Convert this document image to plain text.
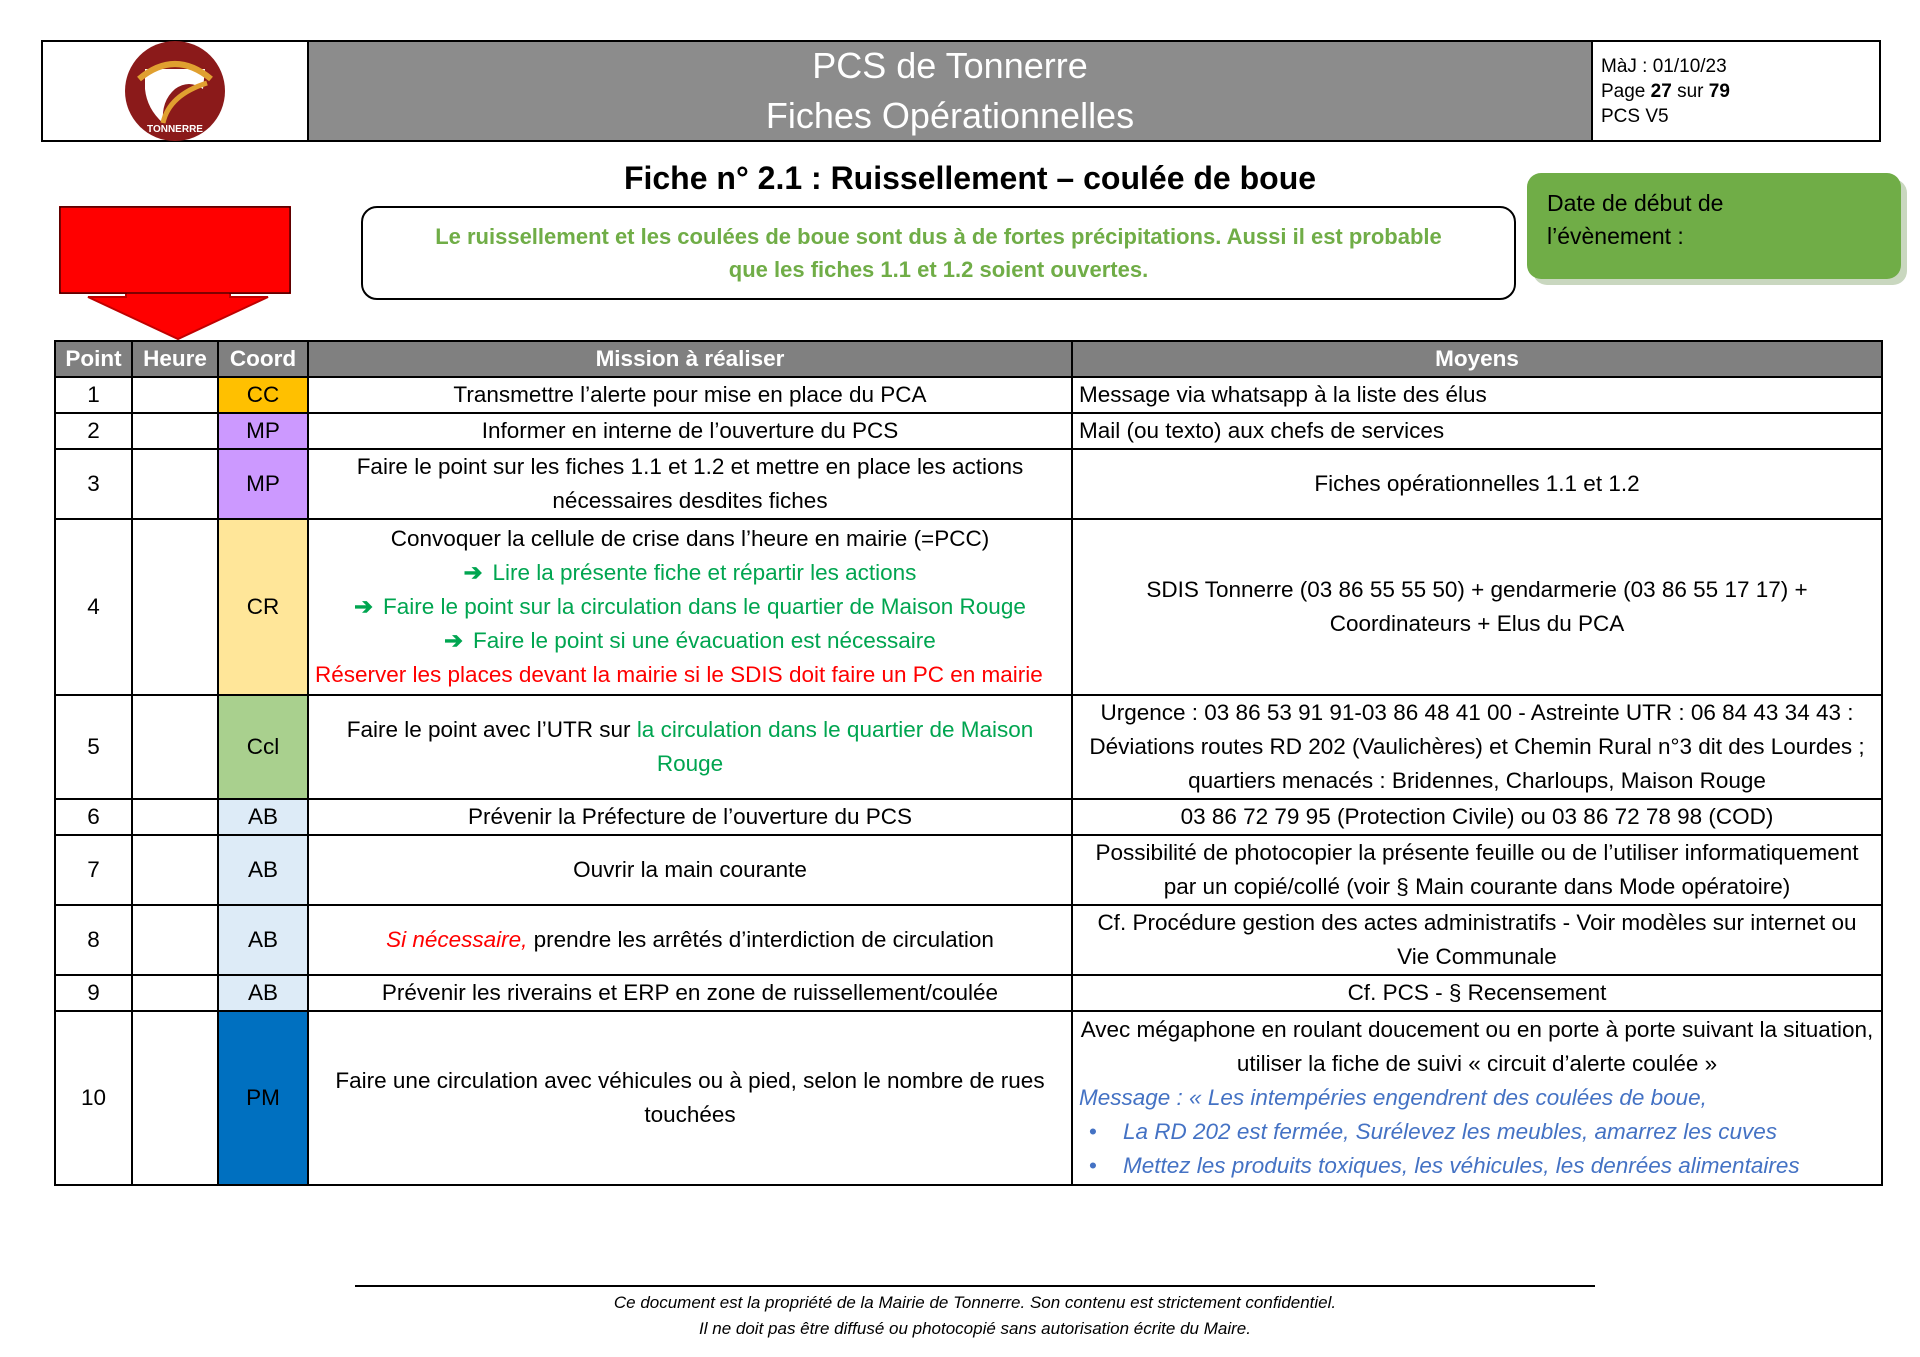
TONNERRE
PCS de Tonnerre
Fiches Opérationnelles
MàJ : 01/10/23
Page 27 sur 79
PCS V5
Fiche n° 2.1 : Ruissellement – coulée de boue
Indiquer l’heure
de l’action
Le ruissellement et les coulées de boue sont dus à de fortes précipitations. Aussi il est probable
que les fiches 1.1 et 1.2 soient ouvertes.
Date de début de
l’évènement :
Point	Heure	Coord	Mission à réaliser	Moyens
1		CC	Transmettre l’alerte pour mise en place du PCA	Message via whatsapp à la liste des élus
2		MP	Informer en interne de l’ouverture du PCS	Mail (ou texto) aux chefs de services
3		MP	Faire le point sur les fiches 1.1 et 1.2 et mettre en place les actions nécessaires desdites fiches	Fiches opérationnelles 1.1 et 1.2
4		CR	Convoquer la cellule de crise dans l’heure en mairie (=PCC)
➔ Lire la présente fiche et répartir les actions
➔ Faire le point sur la circulation dans le quartier de Maison Rouge
➔ Faire le point si une évacuation est nécessaire
Réserver les places devant la mairie si le SDIS doit faire un PC en mairie	SDIS Tonnerre (03 86 55 55 50) + gendarmerie (03 86 55 17 17) + Coordinateurs + Elus du PCA
5		Ccl	Faire le point avec l’UTR sur la circulation dans le quartier de Maison Rouge	Urgence : 03 86 53 91 91-03 86 48 41 00 - Astreinte UTR : 06 84 43 34 43 : Déviations routes RD 202 (Vaulichères) et Chemin Rural n°3 dit des Lourdes ; quartiers menacés : Bridennes, Charloups, Maison Rouge
6		AB	Prévenir la Préfecture de l’ouverture du PCS	03 86 72 79 95 (Protection Civile) ou 03 86 72 78 98 (COD)
7		AB	Ouvrir la main courante	Possibilité de photocopier la présente feuille ou de l’utiliser informatiquement par un copié/collé (voir § Main courante dans Mode opératoire)
8		AB	Si nécessaire, prendre les arrêtés d’interdiction de circulation	Cf. Procédure gestion des actes administratifs - Voir modèles sur internet ou Vie Communale
9		AB	Prévenir les riverains et ERP en zone de ruissellement/coulée	Cf. PCS - § Recensement
10		PM	Faire une circulation avec véhicules ou à pied, selon le nombre de rues touchées	Avec mégaphone en roulant doucement ou en porte à porte suivant la situation, utiliser la fiche de suivi « circuit d’alerte coulée »
Message : « Les intempéries engendrent des coulées de boue,
• La RD 202 est fermée, Surélevez les meubles, amarrez les cuves
• Mettez les produits toxiques, les véhicules, les denrées alimentaires
Ce document est la propriété de la Mairie de Tonnerre. Son contenu est strictement confidentiel.
Il ne doit pas être diffusé ou photocopié sans autorisation écrite du Maire.
